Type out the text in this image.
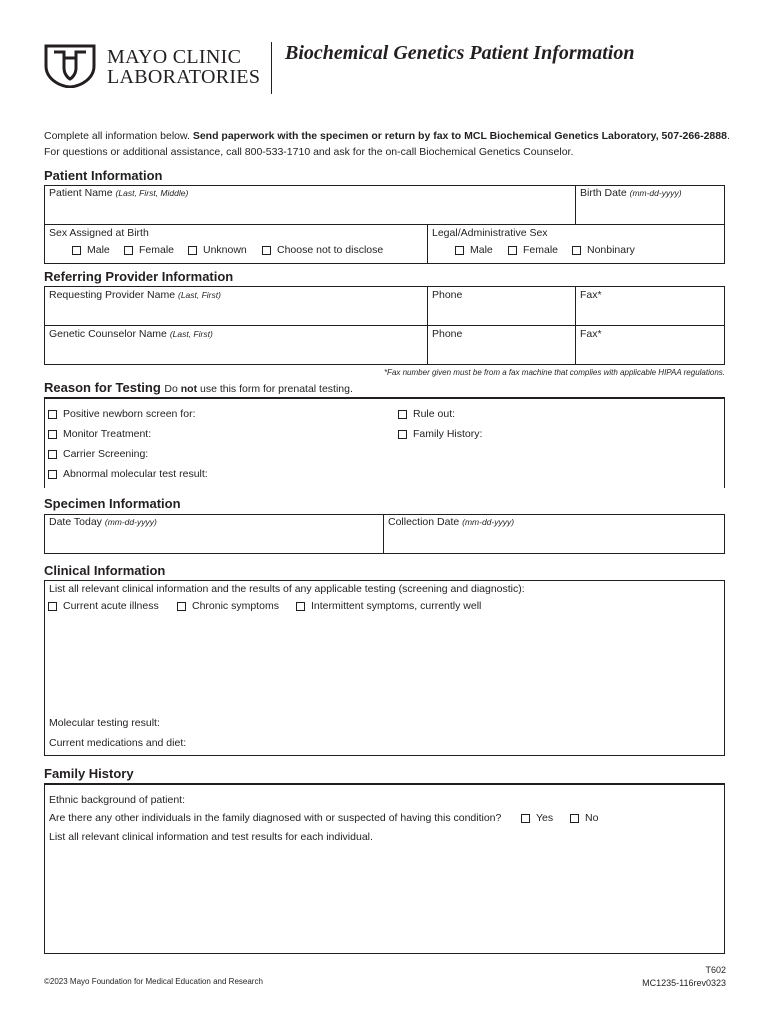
MAYO CLINIC
LABORATORIES
Biochemical Genetics Patient Information
Complete all information below. Send paperwork with the specimen or return by fax to MCL Biochemical Genetics Laboratory, 507-266-2888. For questions or additional assistance, call 800-533-1710 and ask for the on-call Biochemical Genetics Counselor.
Patient Information
Patient Name (Last, First, Middle)	Birth Date (mm-dd-yyyy)
Sex Assigned at Birth
Male	Female	Unknown	Choose not to disclose
Legal/Administrative Sex
Male	Female	Nonbinary
Referring Provider Information
Requesting Provider Name (Last, First)	Phone	Fax*
Genetic Counselor Name (Last, First)	Phone	Fax*
*Fax number given must be from a fax machine that complies with applicable HIPAA regulations.
Reason for Testing Do not use this form for prenatal testing.
Positive newborn screen for:
Monitor Treatment:
Carrier Screening:
Abnormal molecular test result:
Rule out:
Family History:
Specimen Information
Date Today (mm-dd-yyyy)	Collection Date (mm-dd-yyyy)
Clinical Information
List all relevant clinical information and the results of any applicable testing (screening and diagnostic):
Current acute illness	Chronic symptoms	Intermittent symptoms, currently well
Molecular testing result:
Current medications and diet:
Family History
Ethnic background of patient:
Are there any other individuals in the family diagnosed with or suspected of having this condition?	Yes	No
List all relevant clinical information and test results for each individual.
©2023 Mayo Foundation for Medical Education and Research
T602
MC1235-116rev0323
